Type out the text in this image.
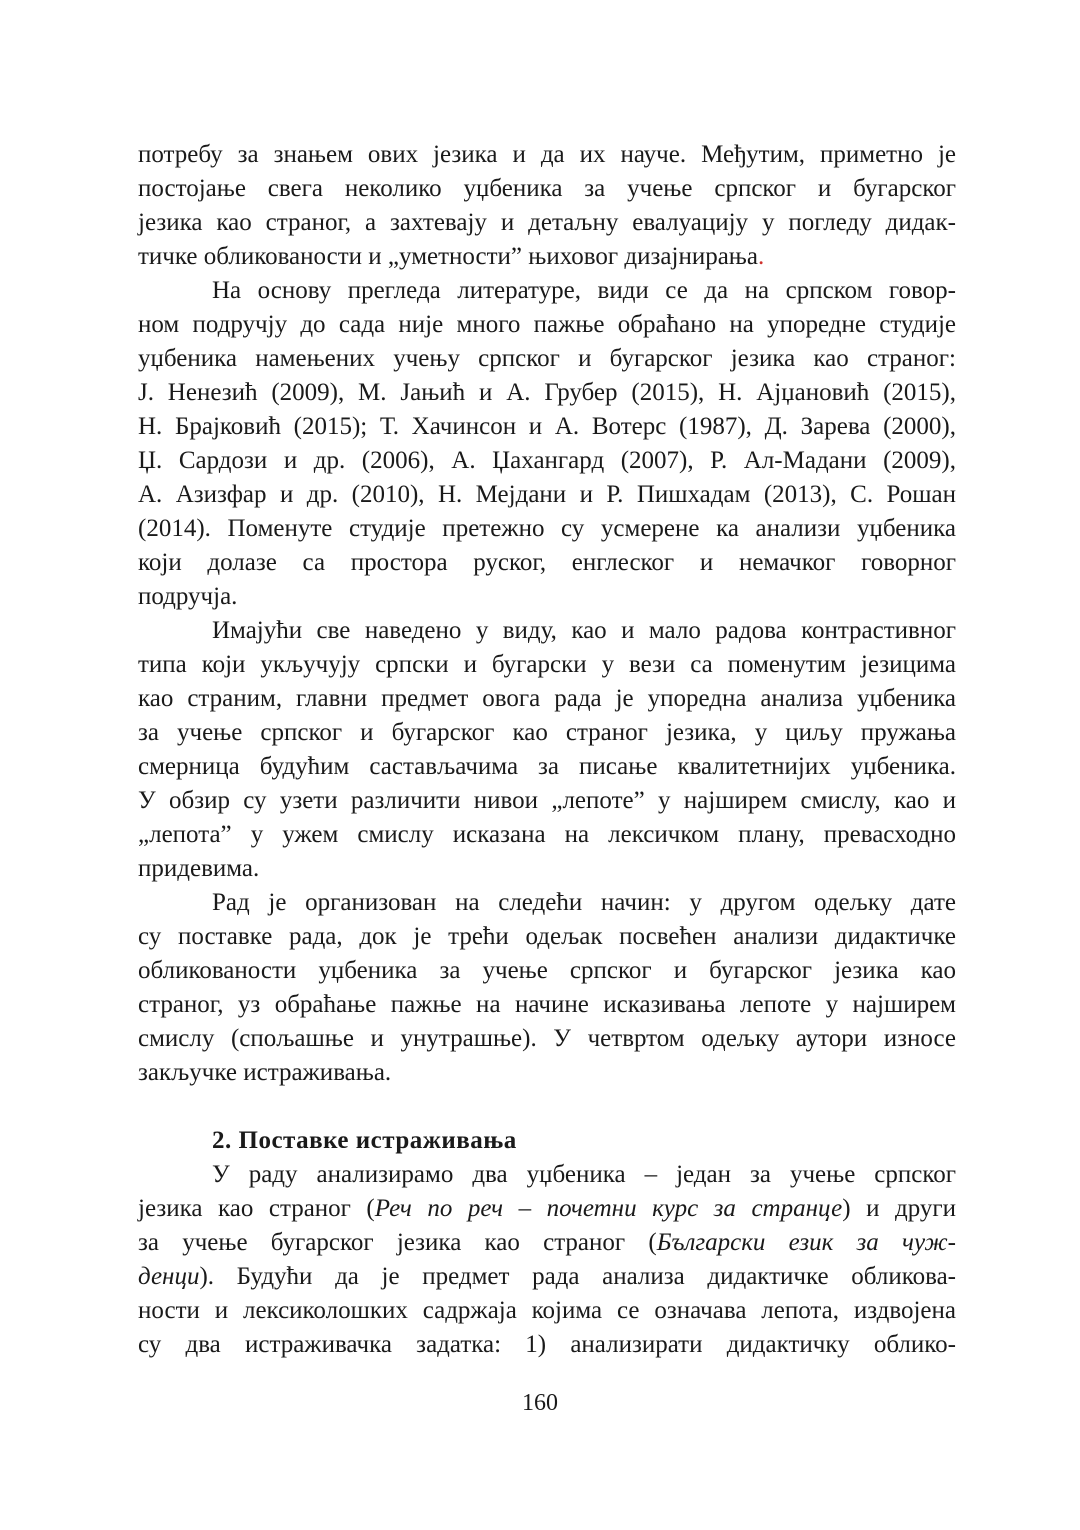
потребу за знањем ових језика и да их науче. Међутим, приметно је
постојање свега неколико уџбеника за учење српског и бугарског
језика као страног, а захтевају и детаљну евалуацију у погледу дидак-
тичке обликованости и „уметности” њиховог дизајнирања.
На основу прегледа литературе, види се да на српском говор-
ном подручју до сада није много пажње обраћано на упоредне студије
уџбеника намењених учењу српског и бугарског језика као страног:
Ј. Ненезић (2009), М. Јањић и А. Грубер (2015), Н. Ајџановић (2015),
Н. Брајковић (2015); Т. Хачинсон и А. Вотерс (1987), Д. Зарева (2000),
Џ. Сардози и др. (2006), А. Џахангард (2007), Р. Ал-Мадани (2009),
А. Азизфар и др. (2010), Н. Мејдани и Р. Пишхадам (2013), С. Рошан
(2014). Поменуте студије претежно су усмерене ка анализи уџбеника
који долазе са простора руског, енглеског и немачког говорног
подручја.
Имајући све наведено у виду, као и мало радова контрастивног
типа који укључују српски и бугарски у вези са поменутим језицима
као страним, главни предмет овога рада је упоредна анализа уџбеника
за учење српског и бугарског као страног језика, у циљу пружања
смерница будућим састављачима за писање квалитетнијих уџбеника.
У обзир су узети различити нивои „лепоте” у најширем смислу, као и
„лепота” у ужем смислу исказана на лексичком плану, превасходно
придевима.
Рад је организован на следећи начин: у другом одељку дате
су поставке рада, док је трећи одељак посвећен анализи дидактичке
обликованости уџбеника за учење српског и бугарског језика као
страног, уз обраћање пажње на начине исказивања лепоте у најширем
смислу (спољашње и унутрашње). У четвртом одељку аутори износе
закључке истраживања.
2. Поставке истраживања
У раду анализирамо два уџбеника – један за учење српског
језика као страног (Реч по реч – почетни курс за странце) и други
за учење бугарског језика као страног (Български език за чуж-
денци). Будући да је предмет рада анализа дидактичке обликова-
ности и лексиколошких садржаја којима се означава лепота, издвојена
су два истраживачка задатка: 1) анализирати дидактичку облико-
160
